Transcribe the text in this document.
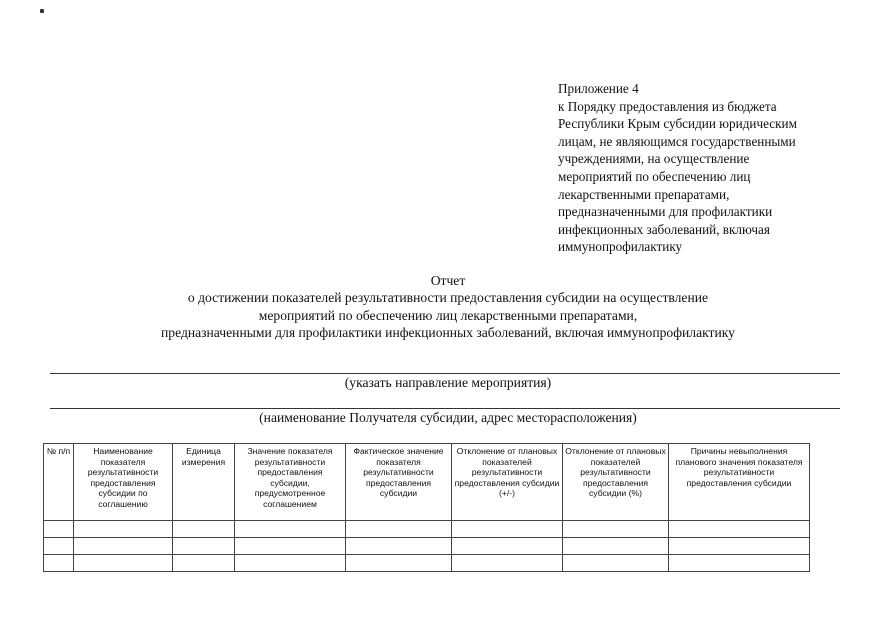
Приложение 4
к Порядку предоставления из бюджета
Республики Крым субсидии юридическим
лицам, не являющимся государственными
учреждениями, на осуществление
мероприятий по обеспечению лиц
лекарственными препаратами,
предназначенными для профилактики
инфекционных заболеваний, включая
иммунопрофилактику
Отчет
о достижении показателей результативности предоставления субсидии на осуществление
мероприятий по обеспечению лиц лекарственными препаратами,
предназначенными для профилактики инфекционных заболеваний, включая иммунопрофилактику
(указать направление мероприятия)
(наименование Получателя субсидии, адрес месторасположения)
№ п/п	Наименование показателя результативности предоставления субсидии по соглашению	Единица измерения	Значение показателя результативности предоставления субсидии, предусмотренное соглашением	Фактическое значение показателя результативности предоставления субсидии	Отклонение от плановых показателей результативности предоставления субсидии (+/-)	Отклонение от плановых показателей результативности предоставления субсидии (%)	Причины невыполнения планового значения показателя результативности предоставления субсидии
